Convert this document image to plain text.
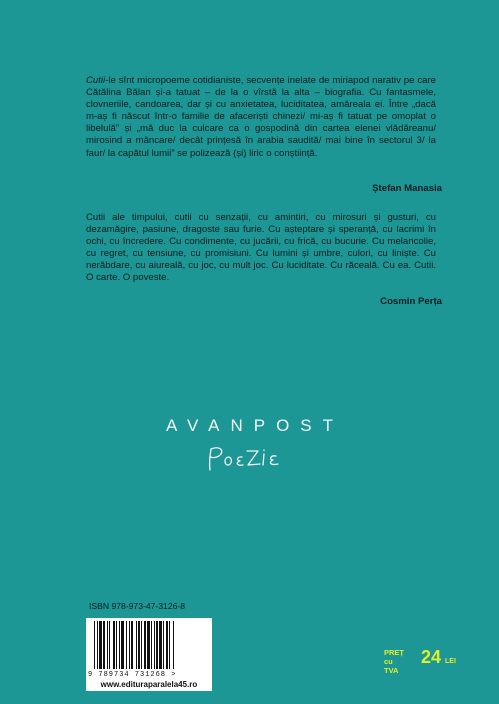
Cutii-le sînt micropoeme cotidianiste, secvențe inelate de miriapod narativ pe care Cătălina Bălan și-a tatuat – de la o vîrstă la alta – biografia. Cu fantasmele, clovneriile, candoarea, dar și cu anxietatea, luciditatea, amăreala ei. Între „dacă m-aș fi născut într-o familie de afaceriști chinezi/ mi-aș fi tatuat pe omoplat o libelulă” și „mă duc la culcare ca o gospodină din cartea elenei vlădăreanu/ mirosind a mâncare/ decât prințesă în arabia saudită/ mai bine în sectorul 3/ la faur/ la capătul lumii” se polizează (și) liric o conștiință.
Ștefan Manasia
Cutii ale timpului, cutii cu senzații, cu amintiri, cu mirosuri și gusturi, cu dezamăgire, pasiune, dragoste sau furie. Cu așteptare și speranță, cu lacrimi în ochi, cu încredere. Cu condimente, cu jucării, cu frică, cu bucurie. Cu melancolie, cu regret, cu tensiune, cu promisiuni. Cu lumini și umbre, culori, cu liniște. Cu nerăbdare, cu aiureală, cu joc, cu mult joc. Cu luciditate. Cu răceală. Cu ea. Cutii. O carte. O poveste.
Cosmin Perța
AVANPOST
ISBN 978-973-47-3126-8
9 789734 731268 >
www.edituraparalela45.ro
PREȚ
cu TVA
24 LEI
